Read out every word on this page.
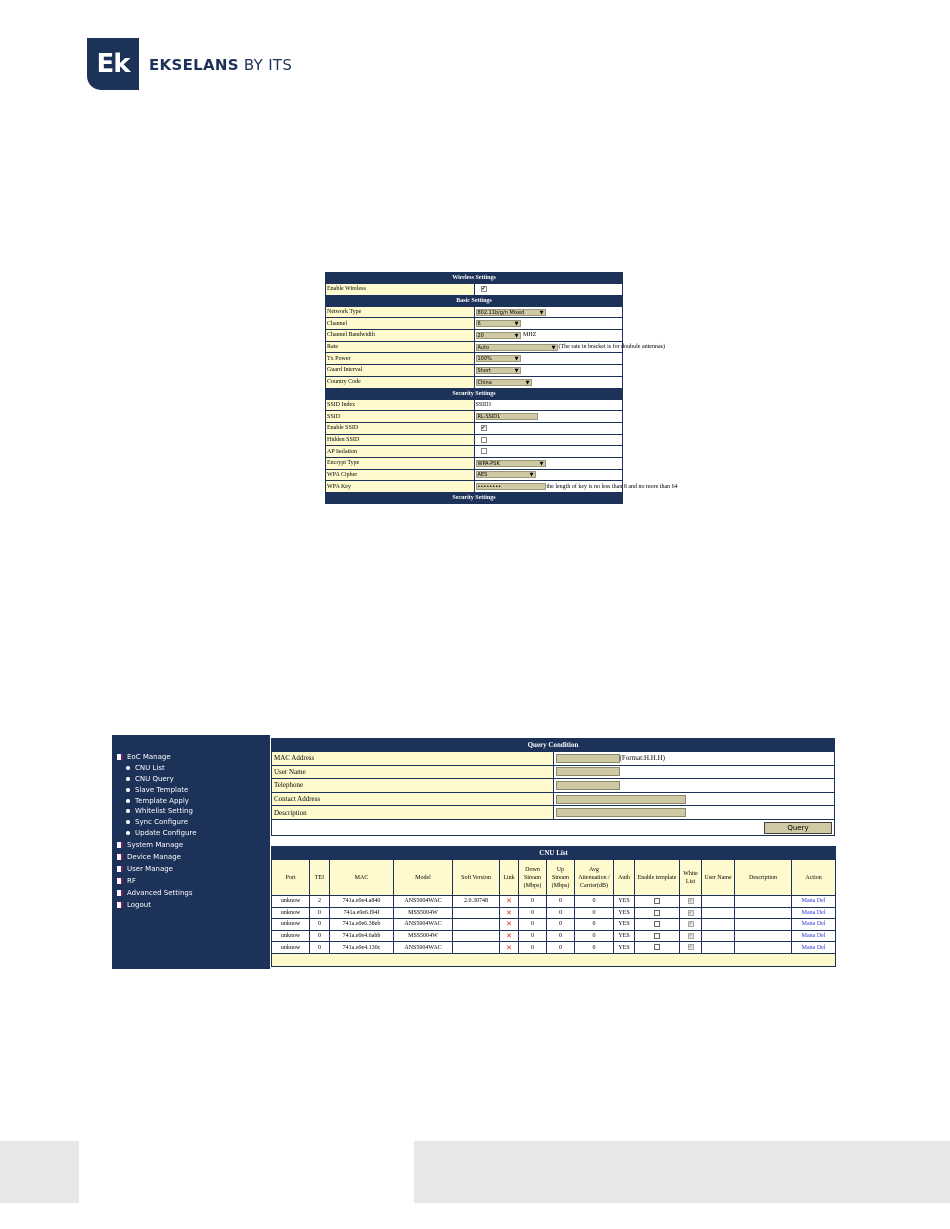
Ek	EKSELANS BY ITS
Wireless Settings	
Enable Wireless	✔
Basic Settings	
Network Type	802.11b/g/n Mixed ▼

Channel	6 ▼

Channel Bandwidth	20 ▼ MHZ
Rate	Auto ▼ (The rate in bracket is for doubule antennas)
Tx Power	100% ▼

Guard Interval	Short ▼

Country Code	China ▼

Security Settings	
SSID Index	SSID1
SSID	RL-SSID1
Enable SSID	✔
Hidden SSID	
AP Isolation	
Encrypt Type	WPA-PSK ▼

WPA Cipher	AES ▼

WPA Key	•••••••• the length of key is no less than 8 and no more than 64
Security Settings	
EoC Manage
CNU List
CNU Query
Slave Template
Template Apply
Whitelist Setting
Sync Configure
Update Configure
System Manage
Device Manage
User Manage
RF
Advanced Settings
Logout
Query Condition	
MAC Address	(Format:H.H.H)
User Name	
Telephone	
Contact Address	
Description	

Query	
CNU List														
Port	TEI	MAC	Model	Soft Version	Link	Down Stream (Mbps)	Up Stream (Mbps)	Avg Attenuation / Carrier(dB)	Auth	Enable template	White List	User Name	Description	Action
unknow	2	741a.e0e4.a840	ANS5004WAC	2.0.30748	✕	0	0	0	YES		✔			Mana Del
unknow	0	741a.e0e6.f94f	MSS5004W		✕	0	0	0	YES		✔			Mana Del
unknow	0	741a.e0e6.38eb	ANS5004WAC		✕	0	0	0	YES		✔			Mana Del
unknow	0	741a.e0e4.6abb	MSS5004W		✕	0	0	0	YES		✔			Mana Del
unknow	0	741a.e0e4.130c	ANS5004WAC		✕	0	0	0	YES		✔			Mana Del
